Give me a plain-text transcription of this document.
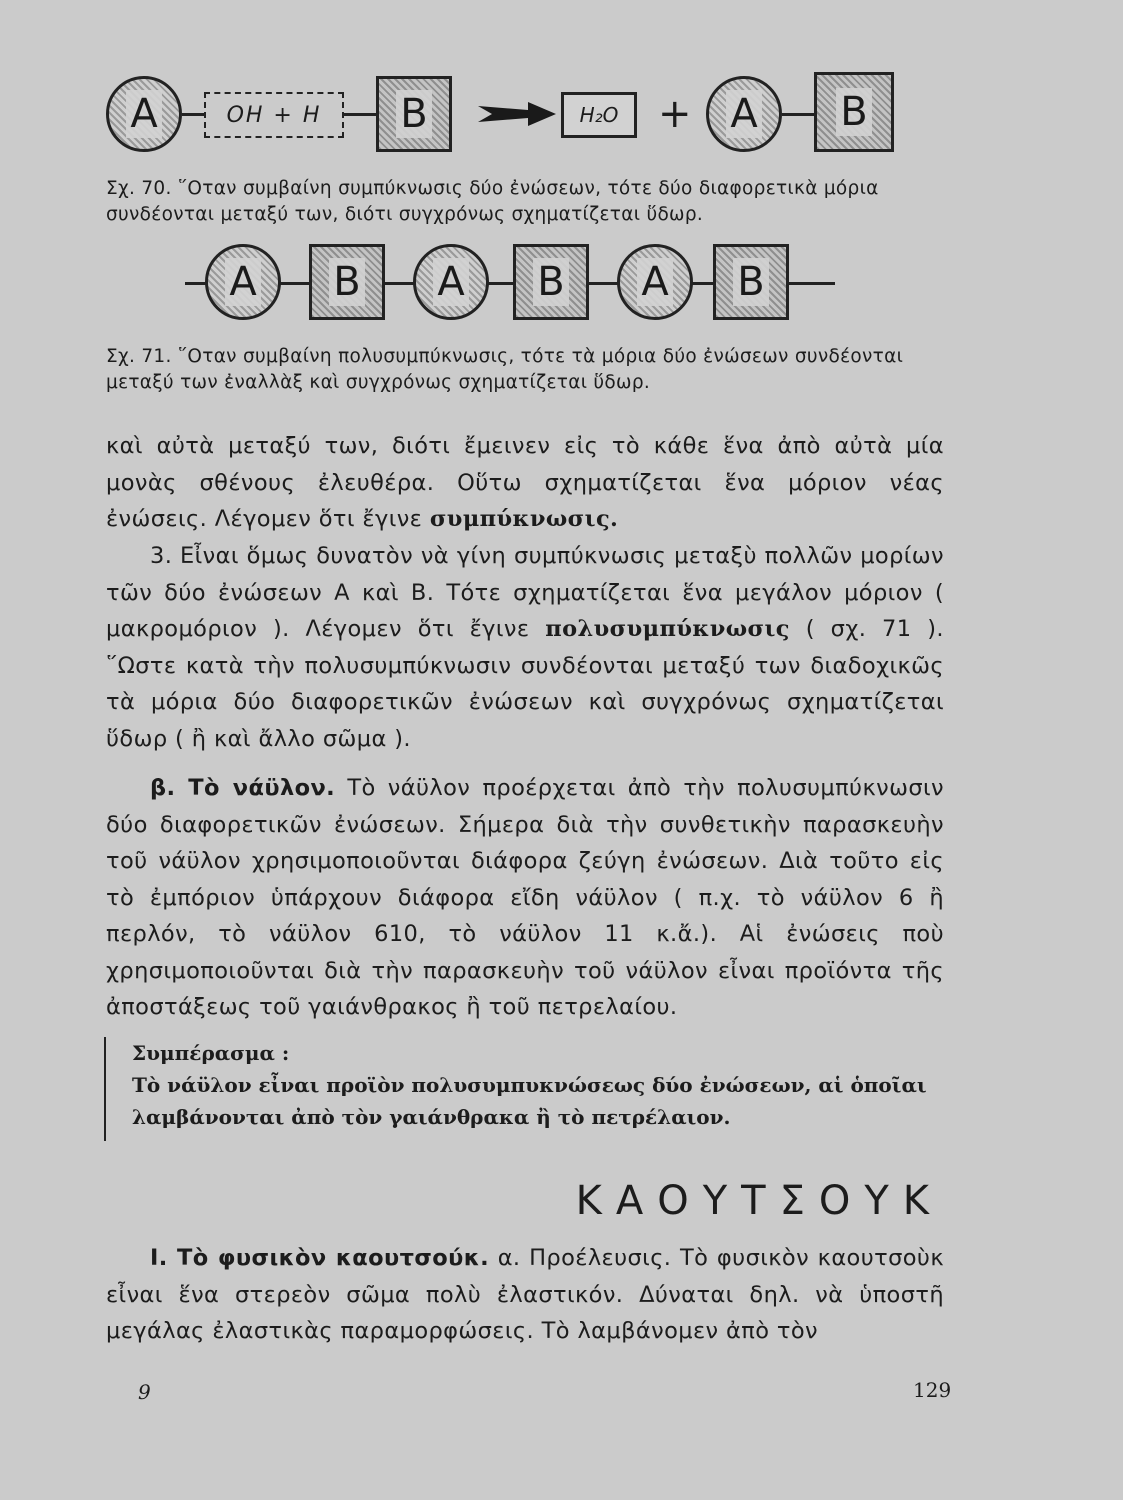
A	OH + H	B	H₂O + A B
Σχ. 70. ῞Οταν συμβαίνη συμπύκνωσις δύο ἐνώσεων, τότε δύο διαφορετικὰ μόρια συνδέονται μεταξύ των, διότι συγχρόνως σχηματίζεται ὕδωρ.
A B A B A B
Σχ. 71. ῞Οταν συμβαίνη πολυσυμπύκνωσις, τότε τὰ μόρια δύο ἐνώσεων συνδέονται μεταξύ των ἐναλλὰξ καὶ συγχρόνως σχηματίζεται ὕδωρ.

καὶ αὐτὰ μεταξύ των, διότι ἔμεινεν εἰς τὸ κάθε ἕνα ἀπὸ αὐτὰ μία μονὰς σθένους ἐλευθέρα. Οὕτω σχηματίζεται ἕνα μόριον νέας ἐνώσεις. Λέγομεν ὅτι ἔγινε συμπύκνωσις.

3. Εἶναι ὅμως δυνατὸν νὰ γίνη συμπύκνωσις μεταξὺ πολλῶν μορίων τῶν δύο ἐνώσεων Α καὶ Β. Τότε σχηματίζεται ἕνα μεγάλον μόριον ( μακρομόριον ). Λέγομεν ὅτι ἔγινε πολυσυμπύκνωσις ( σχ. 71 ). ῞Ωστε κατὰ τὴν πολυσυμπύκνωσιν συνδέονται μεταξύ των διαδοχικῶς τὰ μόρια δύο διαφορετικῶν ἐνώσεων καὶ συγχρόνως σχηματίζεται ὕδωρ ( ἢ καὶ ἄλλο σῶμα ).

β. Τὸ νάϋλον. Τὸ νάϋλον προέρχεται ἀπὸ τὴν πολυσυμπύκνωσιν δύο διαφορετικῶν ἐνώσεων. Σήμερα διὰ τὴν συνθετικὴν παρασκευὴν τοῦ νάϋλον χρησιμοποιοῦνται διάφορα ζεύγη ἐνώσεων. Διὰ τοῦτο εἰς τὸ ἐμπόριον ὑπάρχουν διάφορα εἴδη νάϋλον ( π.χ. τὸ νάϋλον 6 ἢ περλόν, τὸ νάϋλον 610, τὸ νάϋλον 11 κ.ἄ.). Αἱ ἐνώσεις ποὺ χρησιμοποιοῦνται διὰ τὴν παρασκευὴν τοῦ νάϋλον εἶναι προϊόντα τῆς ἀποστάξεως τοῦ γαιάνθρακος ἢ τοῦ πετρελαίου.

Συμπέρασμα :
Τὸ νάϋλον εἶναι προϊὸν πολυσυμπυκνώσεως δύο ἐνώσεων, αἱ ὁποῖαι λαμβάνονται ἀπὸ τὸν γαιάνθρακα ἢ τὸ πετρέλαιον.
ΚΑΟΥΤΣΟΥΚ

Ι. Τὸ φυσικὸν καουτσούκ. α. Προέλευσις. Τὸ φυσικὸν καουτσοὺκ εἶναι ἕνα στερεὸν σῶμα πολὺ ἐλαστικόν. Δύναται δηλ. νὰ ὑποστῆ μεγάλας ἐλαστικὰς παραμορφώσεις. Τὸ λαμβάνομεν ἀπὸ τὸν

9	129
